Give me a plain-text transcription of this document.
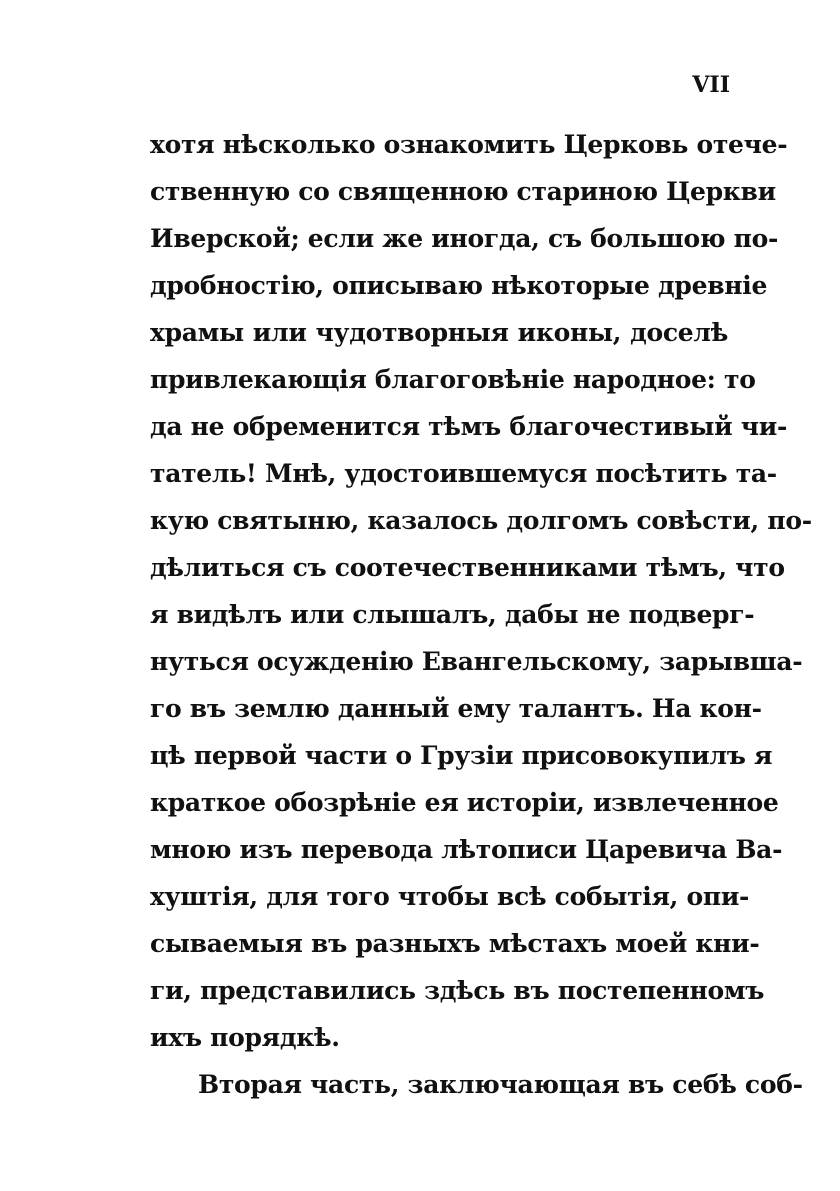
VII
хотя нѣсколько ознакомить Церковь отече-
ственную со священною стариною Церкви
Иверской; если же иногда, съ большою по-
дробностію, описываю нѣкоторые древніе
храмы или чудотворныя иконы, доселѣ
привлекающія благоговѣніе народное: то
да не обременится тѣмъ благочестивый чи-
татель! Мнѣ, удостоившемуся посѣтить та-
кую святыню, казалось долгомъ совѣсти, по-
дѣлиться съ соотечественниками тѣмъ, что
я видѣлъ или слышалъ, дабы не подверг-
нуться осужденію Евангельскому, зарывша-
го въ землю данный ему талантъ. На кон-
цѣ первой части о Грузіи присовокупилъ я
краткое обозрѣніе ея исторіи, извлеченное
мною изъ перевода лѣтописи Царевича Ва-
хуштія, для того чтобы всѣ событія, опи-
сываемыя въ разныхъ мѣстахъ моей кни-
ги, представились здѣсь въ постепенномъ
ихъ порядкѣ.
Вторая часть, заключающая въ себѣ соб-
